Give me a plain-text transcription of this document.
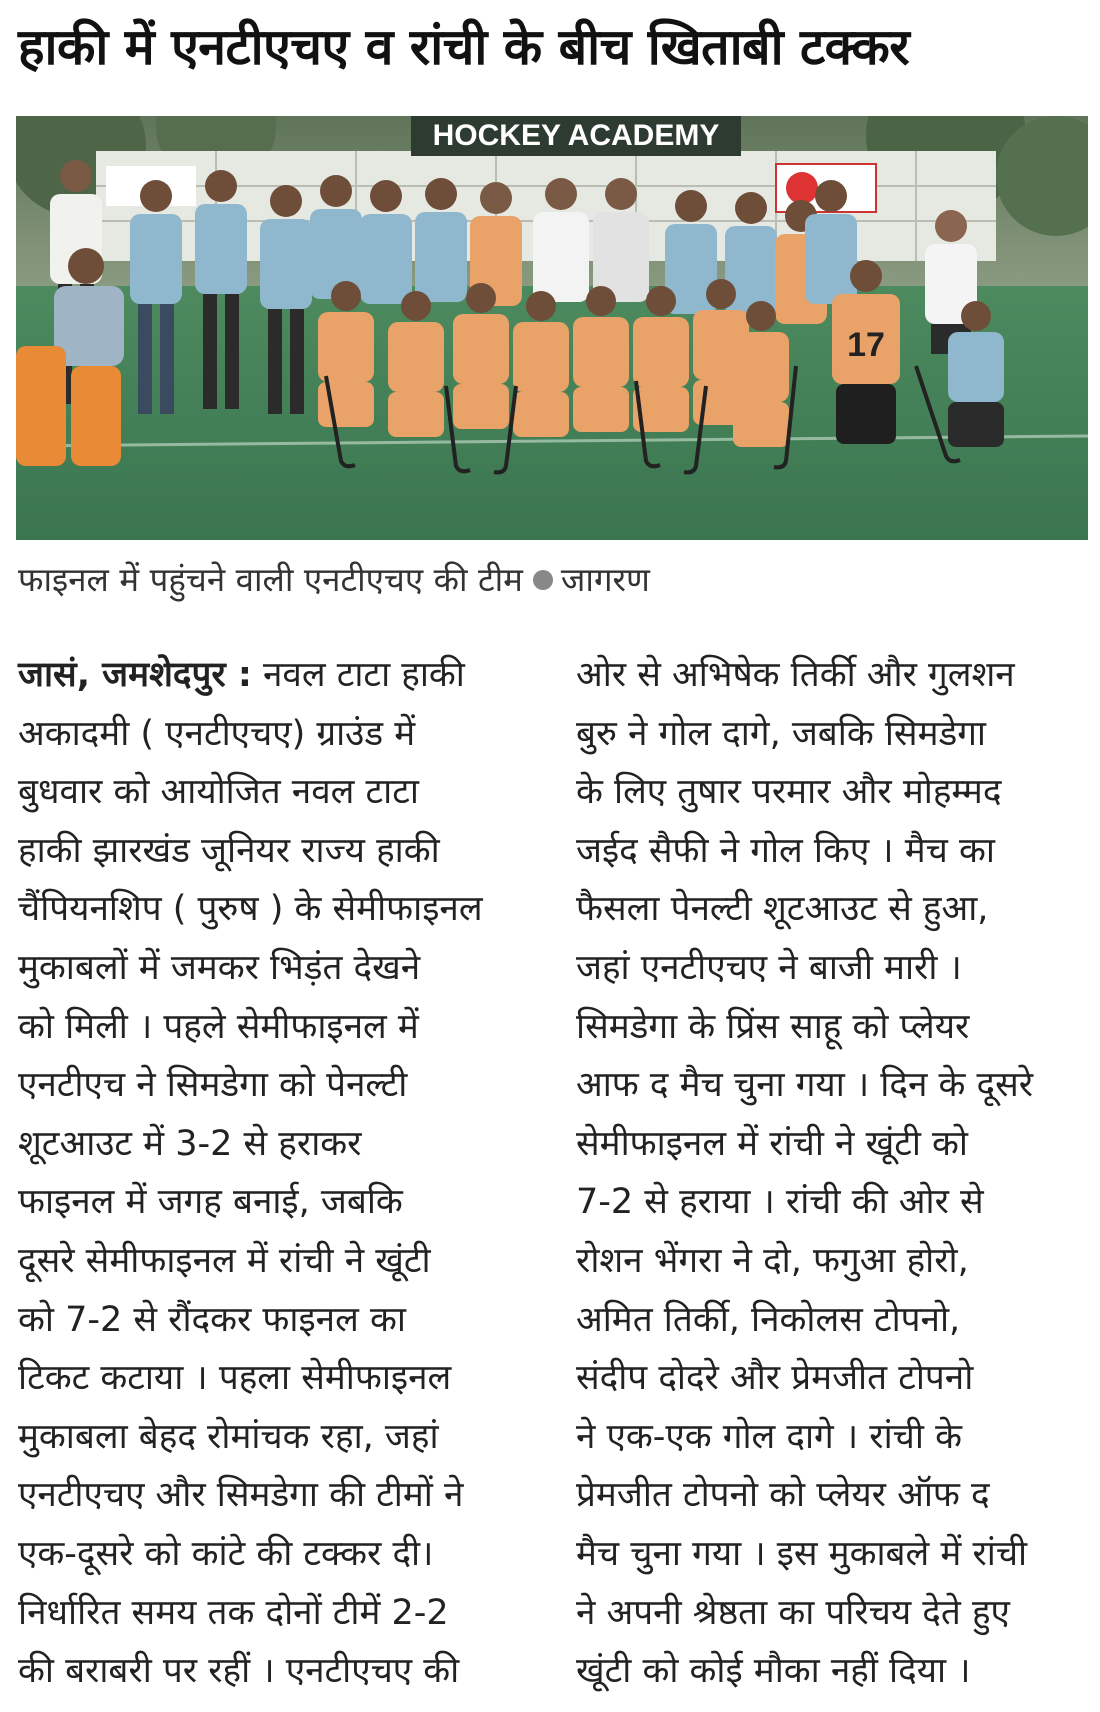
हाकी में एनटीएचए व रांची के बीच खिताबी टक्कर
HOCKEY ACADEMY
17
फाइनल में पहुंचने वाली एनटीएचए की टीम जागरण
जासं, जमशेदपुर : नवल टाटा हाकी
अकादमी ( एनटीएचए) ग्राउंड में
बुधवार को आयोजित नवल टाटा
हाकी झारखंड जूनियर राज्य हाकी
चैंपियनशिप ( पुरुष ) के सेमीफाइनल
मुकाबलों में जमकर भिड़ंत देखने
को मिली । पहले सेमीफाइनल में
एनटीएच ने सिमडेगा को पेनल्टी
शूटआउट में 3-2 से हराकर
फाइनल में जगह बनाई, जबकि
दूसरे सेमीफाइनल में रांची ने खूंटी
को 7-2 से रौंदकर फाइनल का
टिकट कटाया । पहला सेमीफाइनल
मुकाबला बेहद रोमांचक रहा, जहां
एनटीएचए और सिमडेगा की टीमों ने
एक-दूसरे को कांटे की टक्कर दी।
निर्धारित समय तक दोनों टीमें 2-2
की बराबरी पर रहीं । एनटीएचए की
ओर से अभिषेक तिर्की और गुलशन
बुरु ने गोल दागे, जबकि सिमडेगा
के लिए तुषार परमार और मोहम्मद
जईद सैफी ने गोल किए । मैच का
फैसला पेनल्टी शूटआउट से हुआ,
जहां एनटीएचए ने बाजी मारी ।
सिमडेगा के प्रिंस साहू को प्लेयर
आफ द मैच चुना गया । दिन के दूसरे
सेमीफाइनल में रांची ने खूंटी को
7-2 से हराया । रांची की ओर से
रोशन भेंगरा ने दो, फगुआ होरो,
अमित तिर्की, निकोलस टोपनो,
संदीप दोदरे और प्रेमजीत टोपनो
ने एक-एक गोल दागे । रांची के
प्रेमजीत टोपनो को प्लेयर ऑफ द
मैच चुना गया । इस मुकाबले में रांची
ने अपनी श्रेष्ठता का परिचय देते हुए
खूंटी को कोई मौका नहीं दिया ।
